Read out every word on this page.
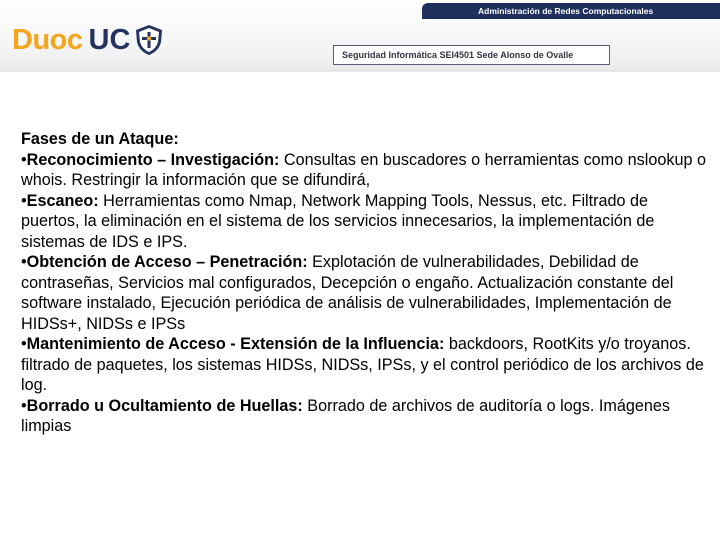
Administración de Redes Computacionales
Duoc UC	Seguridad Informática SEI4501 Sede Alonso de Ovalle

Fases de un Ataque:

•Reconocimiento – Investigación: Consultas en buscadores o herramientas como nslookup o whois. Restringir la información que se difundirá,

•Escaneo: Herramientas como Nmap, Network Mapping Tools, Nessus, etc. Filtrado de puertos, la eliminación en el sistema de los servicios innecesarios, la implementación de sistemas de IDS e IPS.

•Obtención de Acceso – Penetración: Explotación de vulnerabilidades, Debilidad de contraseñas, Servicios mal configurados, Decepción o engaño. Actualización constante del software instalado, Ejecución periódica de análisis de vulnerabilidades, Implementación de HIDSs+, NIDSs e IPSs

•Mantenimiento de Acceso - Extensión de la Influencia: backdoors, RootKits y/o troyanos. filtrado de paquetes, los sistemas HIDSs, NIDSs, IPSs, y el control periódico de los archivos de log.

•Borrado u Ocultamiento de Huellas: Borrado de archivos de auditoría o logs. Imágenes limpias
